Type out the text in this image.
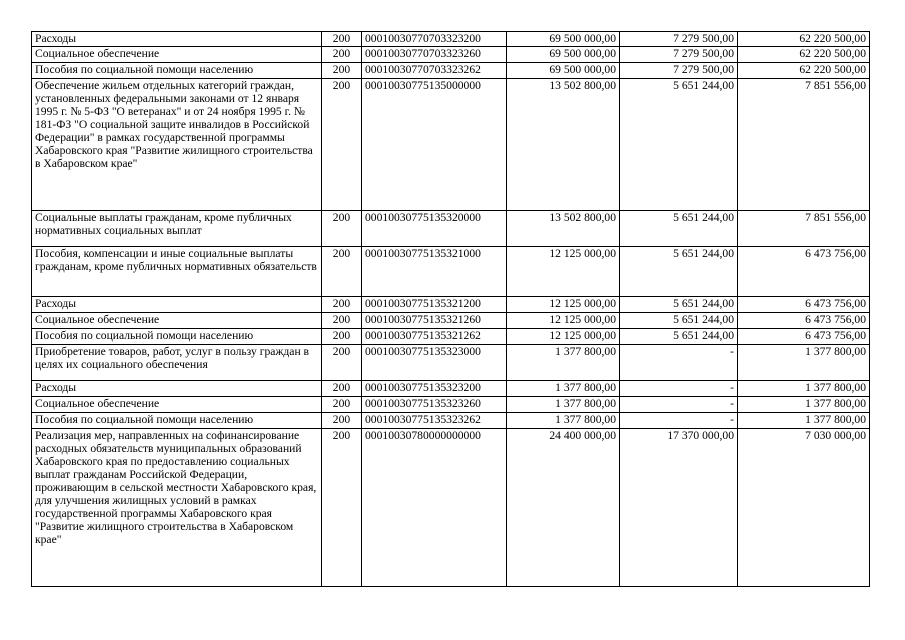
Расходы	200	00010030770703323200	69 500 000,00	7 279 500,00	62 220 500,00
Социальное обеспечение	200	00010030770703323260	69 500 000,00	7 279 500,00	62 220 500,00
Пособия по социальной помощи населению	200	00010030770703323262	69 500 000,00	7 279 500,00	62 220 500,00
Обеспечение жильем отдельных категорий граждан, установленных федеральными законами от 12 января 1995 г. № 5-ФЗ "О ветеранах" и от 24 ноября 1995 г. № 181-ФЗ "О социальной защите инвалидов в Российской Федерации" в рамках государственной программы Хабаровского края "Развитие жилищного строительства в Хабаровском крае"	200	00010030775135000000	13 502 800,00	5 651 244,00	7 851 556,00
Социальные выплаты гражданам, кроме публичных нормативных социальных выплат	200	00010030775135320000	13 502 800,00	5 651 244,00	7 851 556,00
Пособия, компенсации и иные социальные выплаты гражданам, кроме публичных нормативных обязательств	200	00010030775135321000	12 125 000,00	5 651 244,00	6 473 756,00
Расходы	200	00010030775135321200	12 125 000,00	5 651 244,00	6 473 756,00
Социальное обеспечение	200	00010030775135321260	12 125 000,00	5 651 244,00	6 473 756,00
Пособия по социальной помощи населению	200	00010030775135321262	12 125 000,00	5 651 244,00	6 473 756,00
Приобретение товаров, работ, услуг в пользу граждан в целях их социального обеспечения	200	00010030775135323000	1 377 800,00	-	1 377 800,00
Расходы	200	00010030775135323200	1 377 800,00	-	1 377 800,00
Социальное обеспечение	200	00010030775135323260	1 377 800,00	-	1 377 800,00
Пособия по социальной помощи населению	200	00010030775135323262	1 377 800,00	-	1 377 800,00
Реализация мер, направленных на софинансирование расходных обязательств муниципальных образований Хабаровского края по предоставлению социальных выплат гражданам Российской Федерации, проживающим в сельской местности Хабаровского края, для улучшения жилищных условий в рамках государственной программы Хабаровского края "Развитие жилищного строительства в Хабаровском крае"	200	00010030780000000000	24 400 000,00	17 370 000,00	7 030 000,00
